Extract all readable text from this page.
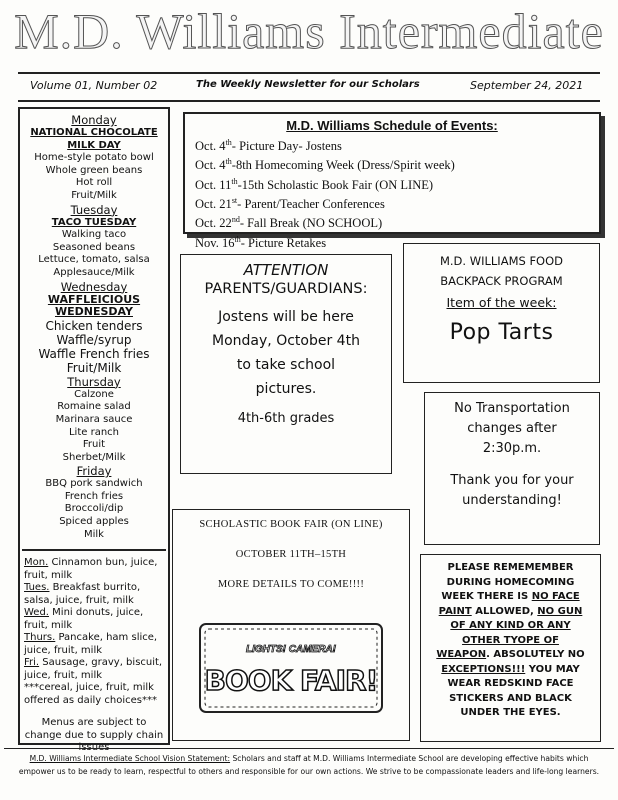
M.D. Williams Intermediate
Volume 01, Number 02	The Weekly Newsletter for our Scholars	September 24, 2021
Monday
NATIONAL CHOCOLATE
MILK DAY
Home-style potato bowl
Whole green beans
Hot roll
Fruit/Milk
Tuesday
TACO TUESDAY
Walking taco
Seasoned beans
Lettuce, tomato, salsa
Applesauce/Milk
Wednesday
WAFFLEICIOUS
WEDNESDAY
Chicken tenders
Waffle/syrup
Waffle French fries
Fruit/Milk
Thursday
Calzone
Romaine salad
Marinara sauce
Lite ranch
Fruit
Sherbet/Milk
Friday
BBQ pork sandwich
French fries
Broccoli/dip
Spiced apples
Milk
Mon. Cinnamon bun, juice,
fruit, milk
Tues. Breakfast burrito,
salsa, juice, fruit, milk
Wed. Mini donuts, juice,
fruit, milk
Thurs. Pancake, ham slice,
juice, fruit, milk
Fri. Sausage, gravy, biscuit,
juice, fruit, milk
***cereal, juice, fruit, milk
offered as daily choices***
Menus are subject to
change due to supply chain
issues
M.D. Williams Schedule of Events:
Oct. 4th- Picture Day- Jostens
Oct. 4th-8th Homecoming Week (Dress/Spirit week)
Oct. 11th-15th Scholastic Book Fair (ON LINE)
Oct. 21st- Parent/Teacher Conferences
Oct. 22nd- Fall Break (NO SCHOOL)
Nov. 16th- Picture Retakes
ATTENTION
PARENTS/GUARDIANS:
Jostens will be here
Monday, October 4th
to take school
pictures.
4th-6th grades
M.D. WILLIAMS FOOD
BACKPACK PROGRAM
Item of the week:
Pop Tarts
No Transportation
changes after
2:30p.m.
Thank you for your
understanding!
SCHOLASTIC BOOK FAIR (ON LINE)
OCTOBER 11TH–15TH
MORE DETAILS TO COME!!!!
LIGHTS! CAMERA!
BOOK FAIR!
PLEASE REMEMEMBER
DURING HOMECOMING
WEEK THERE IS NO FACE
PAINT ALLOWED, NO GUN
OF ANY KIND OR ANY
OTHER TYOPE OF
WEAPON. ABSOLUTELY NO
EXCEPTIONS!!! YOU MAY
WEAR REDSKIND FACE
STICKERS AND BLACK
UNDER THE EYES.
M.D. Williams Intermediate School Vision Statement: Scholars and staff at M.D. Williams Intermediate School are developing effective habits which
empower us to be ready to learn, respectful to others and responsible for our own actions. We strive to be compassionate leaders and life-long learners.
